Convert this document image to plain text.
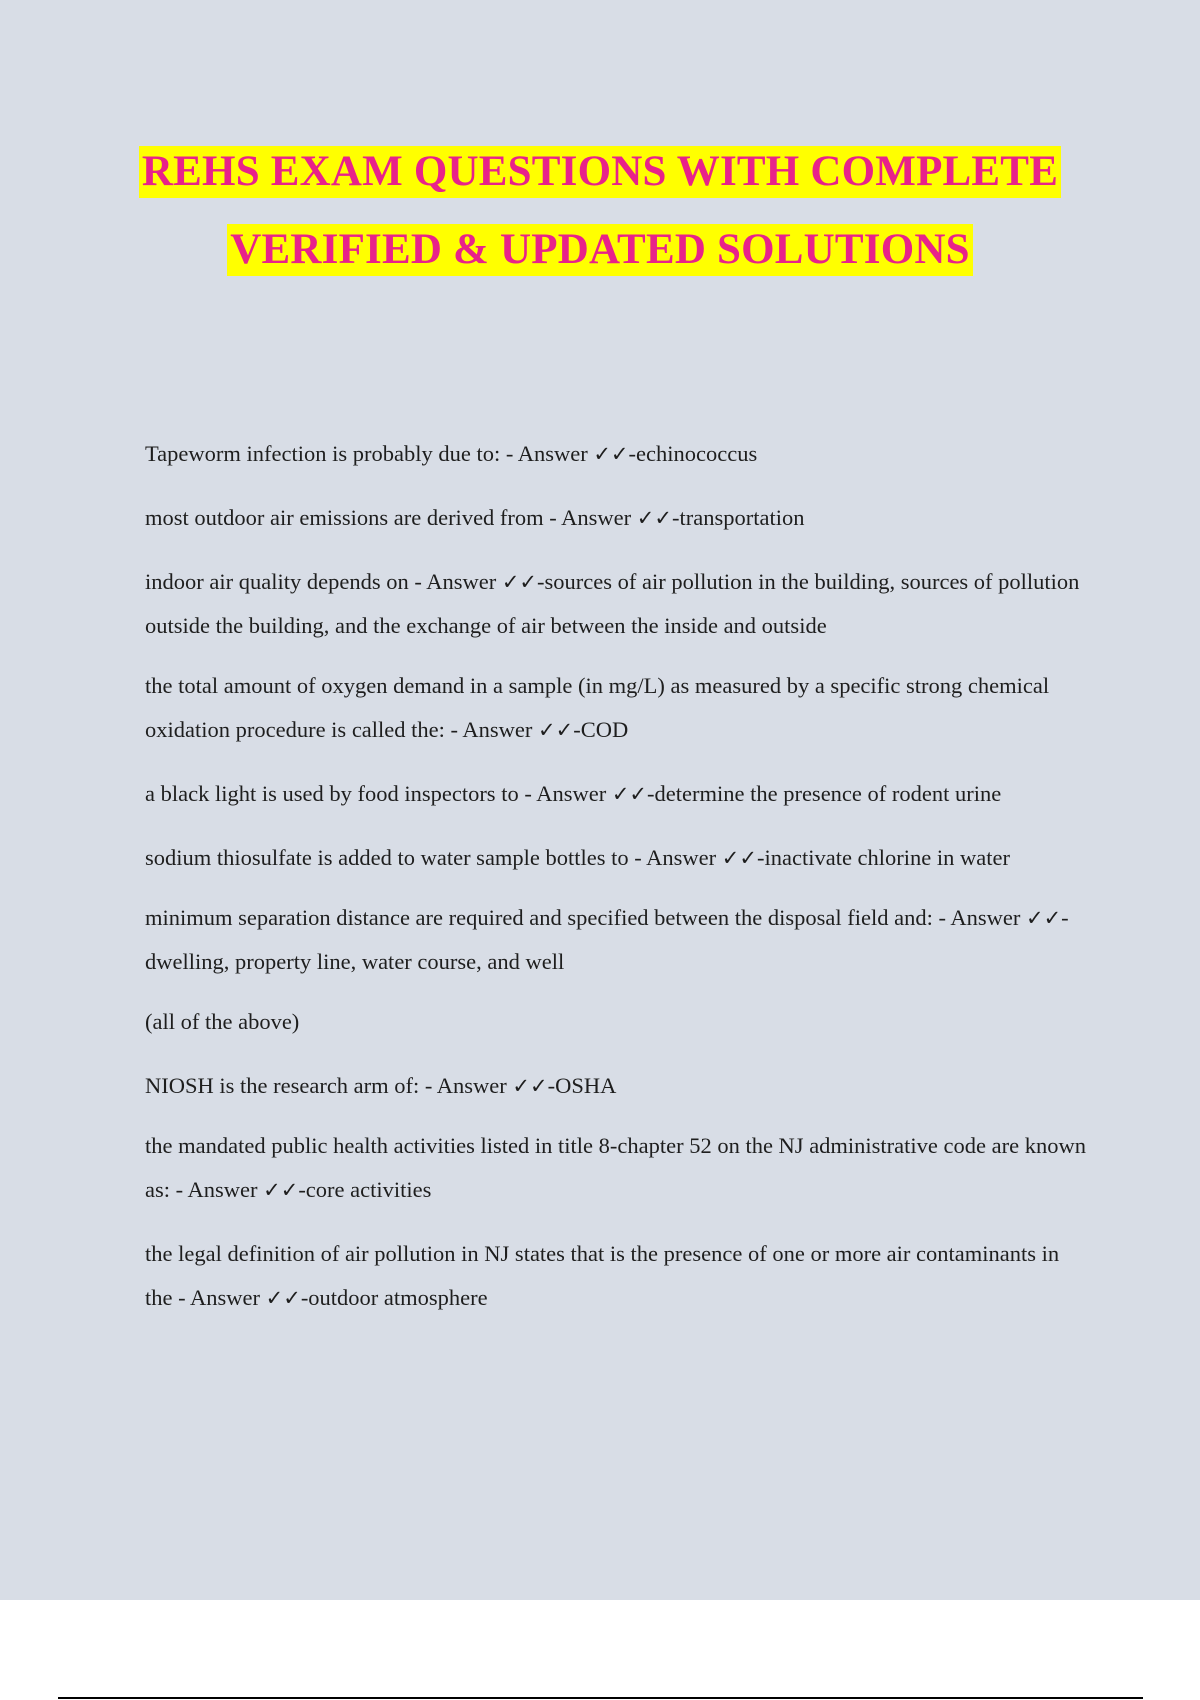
REHS EXAM QUESTIONS WITH COMPLETE
VERIFIED & UPDATED SOLUTIONS

Tapeworm infection is probably due to: - Answer ✓✓-echinococcus

most outdoor air emissions are derived from - Answer ✓✓-transportation

indoor air quality depends on - Answer ✓✓-sources of air pollution in the building, sources of pollution outside the building, and the exchange of air between the inside and outside

the total amount of oxygen demand in a sample (in mg/L) as measured by a specific strong chemical oxidation procedure is called the: - Answer ✓✓-COD

a black light is used by food inspectors to - Answer ✓✓-determine the presence of rodent urine

sodium thiosulfate is added to water sample bottles to - Answer ✓✓-inactivate chlorine in water

minimum separation distance are required and specified between the disposal field and: - Answer ✓✓-dwelling, property line, water course, and well

(all of the above)

NIOSH is the research arm of: - Answer ✓✓-OSHA

the mandated public health activities listed in title 8-chapter 52 on the NJ administrative code are known as: - Answer ✓✓-core activities

the legal definition of air pollution in NJ states that is the presence of one or more air contaminants in the - Answer ✓✓-outdoor atmosphere
